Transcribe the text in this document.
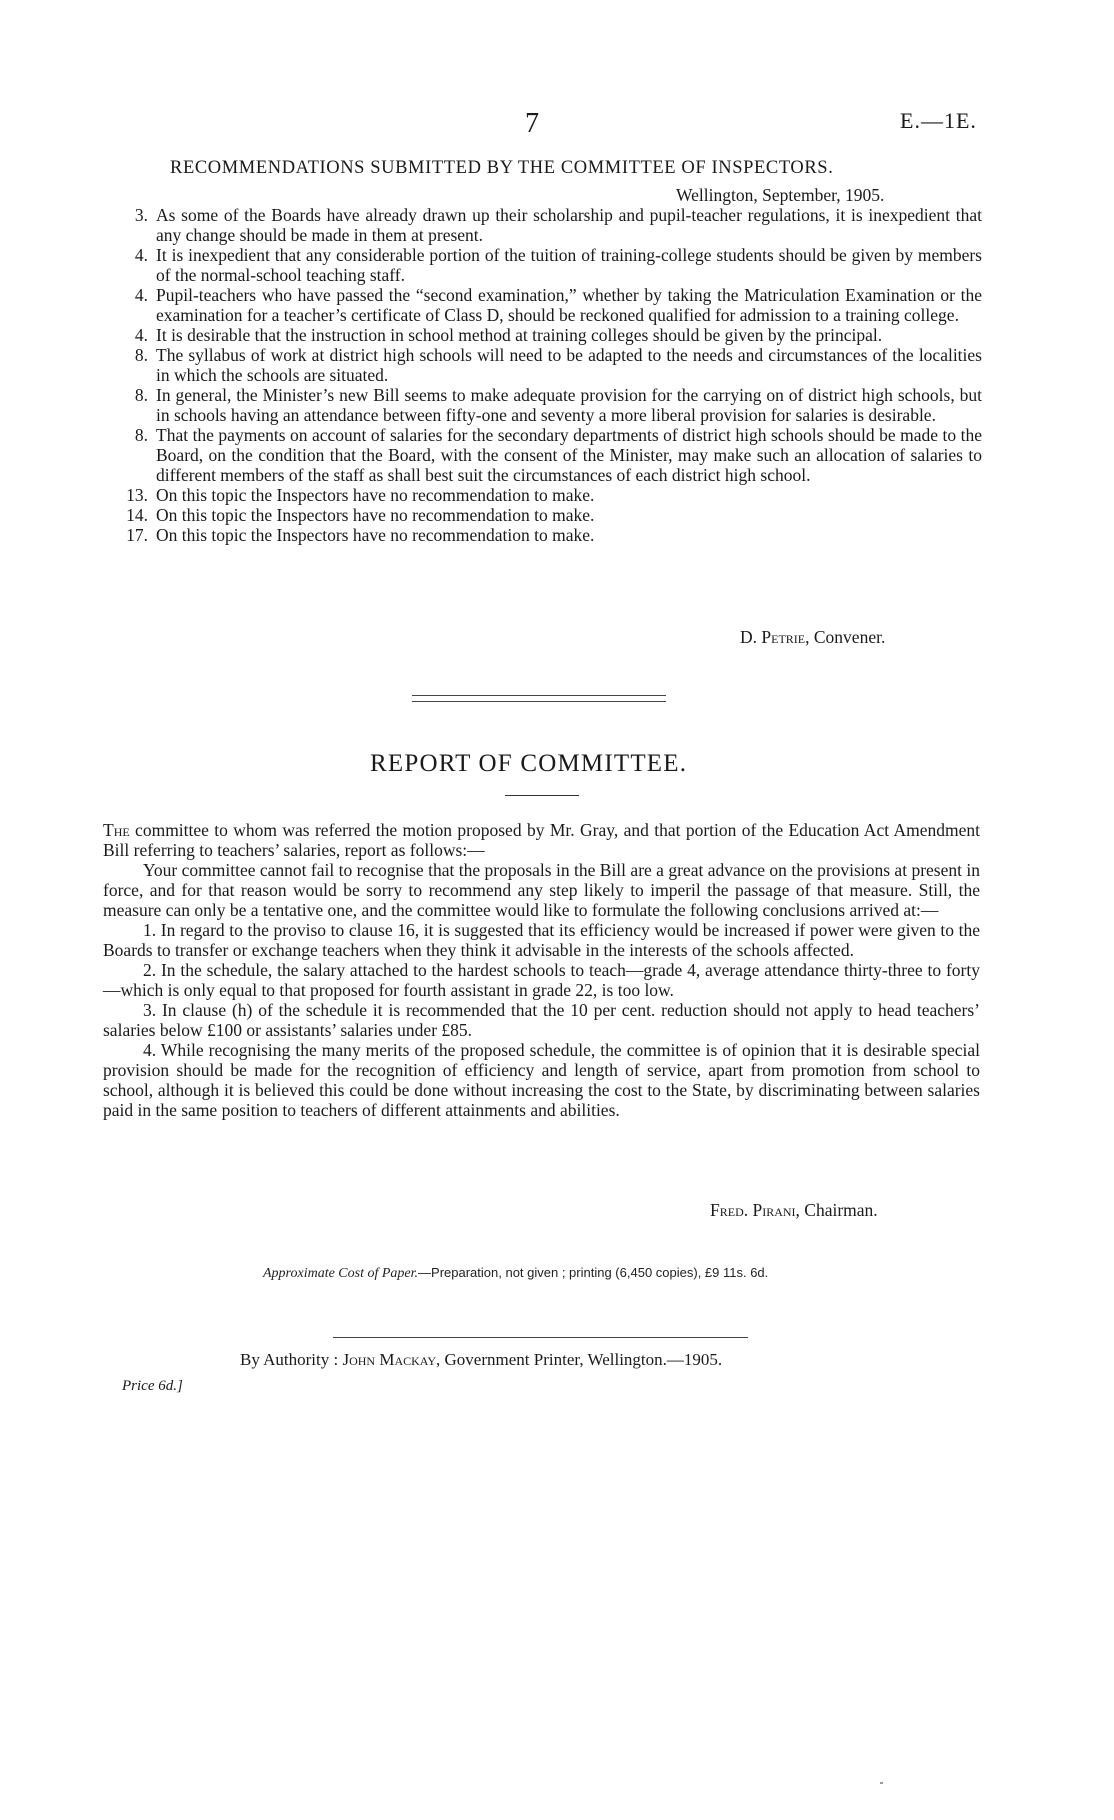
7	E.—1E.
RECOMMENDATIONS SUBMITTED BY THE COMMITTEE OF INSPECTORS.
Wellington, September, 1905.
3. As some of the Boards have already drawn up their scholarship and pupil-teacher regulations, it is inexpedient that any change should be made in them at present.
4. It is inexpedient that any considerable portion of the tuition of training-college students should be given by members of the normal-school teaching staff.
4. Pupil-teachers who have passed the “second examination,” whether by taking the Matriculation Examination or the examination for a teacher’s certificate of Class D, should be reckoned qualified for admission to a training college.
4. It is desirable that the instruction in school method at training colleges should be given by the principal.
8. The syllabus of work at district high schools will need to be adapted to the needs and circumstances of the localities in which the schools are situated.
8. In general, the Minister’s new Bill seems to make adequate provision for the carrying on of district high schools, but in schools having an attendance between fifty-one and seventy a more liberal provision for salaries is desirable.
8. That the payments on account of salaries for the secondary departments of district high schools should be made to the Board, on the condition that the Board, with the consent of the Minister, may make such an allocation of salaries to different members of the staff as shall best suit the circumstances of each district high school.
13. On this topic the Inspectors have no recommendation to make.
14. On this topic the Inspectors have no recommendation to make.
17. On this topic the Inspectors have no recommendation to make.
D. Petrie, Convener.
REPORT OF COMMITTEE.

The committee to whom was referred the motion proposed by Mr. Gray, and that portion of the Education Act Amendment Bill referring to teachers’ salaries, report as follows:—

Your committee cannot fail to recognise that the proposals in the Bill are a great advance on the provisions at present in force, and for that reason would be sorry to recommend any step likely to imperil the passage of that measure. Still, the measure can only be a tentative one, and the committee would like to formulate the following conclusions arrived at:—

1. In regard to the proviso to clause 16, it is suggested that its efficiency would be increased if power were given to the Boards to transfer or exchange teachers when they think it advisable in the interests of the schools affected.

2. In the schedule, the salary attached to the hardest schools to teach—grade 4, average attendance thirty-three to forty—which is only equal to that proposed for fourth assistant in grade 22, is too low.

3. In clause (h) of the schedule it is recommended that the 10 per cent. reduction should not apply to head teachers’ salaries below £100 or assistants’ salaries under £85.

4. While recognising the many merits of the proposed schedule, the committee is of opinion that it is desirable special provision should be made for the recognition of efficiency and length of service, apart from promotion from school to school, although it is believed this could be done without increasing the cost to the State, by discriminating between salaries paid in the same position to teachers of different attainments and abilities.

Fred. Pirani, Chairman.
Approximate Cost of Paper.—Preparation, not given ; printing (6,450 copies), £9 11s. 6d.
By Authority : John Mackay, Government Printer, Wellington.—1905.
Price 6d.]
